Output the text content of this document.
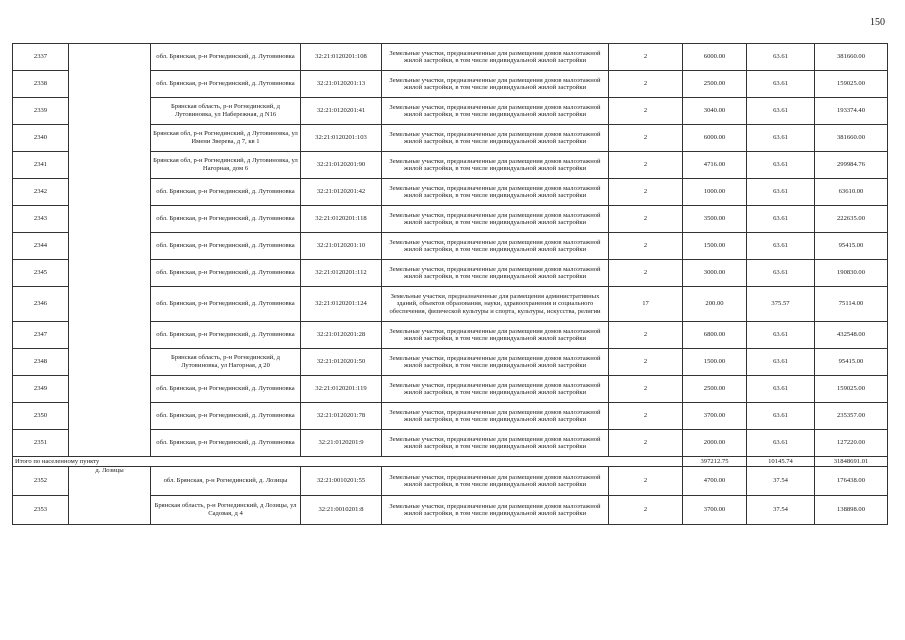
150
2337		обл. Брянская, р-н Рогнединский, д. Лутовиновка	32:21:0120201:108	Земельные участки, предназначенные для размещения домов малоэтажной жилой застройки, в том числе индивидуальной жилой застройки	2	6000.00	63.61	381660.00
2338		обл. Брянская, р-н Рогнединский, д. Лутовиновка	32:21:0120201:13	Земельные участки, предназначенные для размещения домов малоэтажной жилой застройки, в том числе индивидуальной жилой застройки	2	2500.00	63.61	159025.00
2339		Брянская область, р-н Рогнединский, д Лутовиновка, ул Набережная, д N16	32:21:0120201:41	Земельные участки, предназначенные для размещения домов малоэтажной жилой застройки, в том числе индивидуальной жилой застройки	2	3040.00	63.61	193374.40
2340		Брянская обл, р-н Рогнединский, д Лутовиновка, ул Имени Зверева, д 7, кв 1	32:21:0120201:103	Земельные участки, предназначенные для размещения домов малоэтажной жилой застройки, в том числе индивидуальной жилой застройки	2	6000.00	63.61	381660.00
2341		Брянская обл, р-н Рогнединский, д Лутовиновка, ул Нагорная, дом 6	32:21:0120201:90	Земельные участки, предназначенные для размещения домов малоэтажной жилой застройки, в том числе индивидуальной жилой застройки	2	4716.00	63.61	299984.76
2342		обл. Брянская, р-н Рогнединский, д. Лутовиновка	32:21:0120201:42	Земельные участки, предназначенные для размещения домов малоэтажной жилой застройки, в том числе индивидуальной жилой застройки	2	1000.00	63.61	63610.00
2343		обл. Брянская, р-н Рогнединский, д. Лутовиновка	32:21:0120201:118	Земельные участки, предназначенные для размещения домов малоэтажной жилой застройки, в том числе индивидуальной жилой застройки	2	3500.00	63.61	222635.00
2344		обл. Брянская, р-н Рогнединский, д. Лутовиновка	32:21:0120201:10	Земельные участки, предназначенные для размещения домов малоэтажной жилой застройки, в том числе индивидуальной жилой застройки	2	1500.00	63.61	95415.00
2345		обл. Брянская, р-н Рогнединский, д. Лутовиновка	32:21:0120201:112	Земельные участки, предназначенные для размещения домов малоэтажной жилой застройки, в том числе индивидуальной жилой застройки	2	3000.00	63.61	190830.00
2346		обл. Брянская, р-н Рогнединский, д. Лутовиновка	32:21:0120201:124	Земельные участки, предназначенные для размещения административных зданий, объектов образования, науки, здравоохранения и социального обеспечения, физической культуры и спорта, культуры, искусства, религии	17	200.00	375.57	75114.00
2347		обл. Брянская, р-н Рогнединский, д. Лутовиновка	32:21:0120201:28	Земельные участки, предназначенные для размещения домов малоэтажной жилой застройки, в том числе индивидуальной жилой застройки	2	6800.00	63.61	432548.00
2348		Брянская область, р-н Рогнединский, д Лутовиновка, ул Нагорная, д 20	32:21:0120201:50	Земельные участки, предназначенные для размещения домов малоэтажной жилой застройки, в том числе индивидуальной жилой застройки	2	1500.00	63.61	95415.00
2349		обл. Брянская, р-н Рогнединский, д. Лутовиновка	32:21:0120201:119	Земельные участки, предназначенные для размещения домов малоэтажной жилой застройки, в том числе индивидуальной жилой застройки	2	2500.00	63.61	159025.00
2350		обл. Брянская, р-н Рогнединский, д. Лутовиновка	32:21:0120201:78	Земельные участки, предназначенные для размещения домов малоэтажной жилой застройки, в том числе индивидуальной жилой застройки	2	3700.00	63.61	235357.00
2351		обл. Брянская, р-н Рогнединский, д. Лутовиновка	32:21:0120201:9	Земельные участки, предназначенные для размещения домов малоэтажной жилой застройки, в том числе индивидуальной жилой застройки	2	2000.00	63.61	127220.00
Итого по населенному пункту						397212.75	10145.74	31848691.01
2352	д. Лозицы	обл. Брянская, р-н Рогнединский, д. Лозицы	32:21:0010201:55	Земельные участки, предназначенные для размещения домов малоэтажной жилой застройки, в том числе индивидуальной жилой застройки	2	4700.00	37.54	176438.00
2353		Брянская область, р-н Рогнединский, д Лозицы, ул Садовая, д 4	32:21:0010201:8	Земельные участки, предназначенные для размещения домов малоэтажной жилой застройки, в том числе индивидуальной жилой застройки	2	3700.00	37.54	138898.00
